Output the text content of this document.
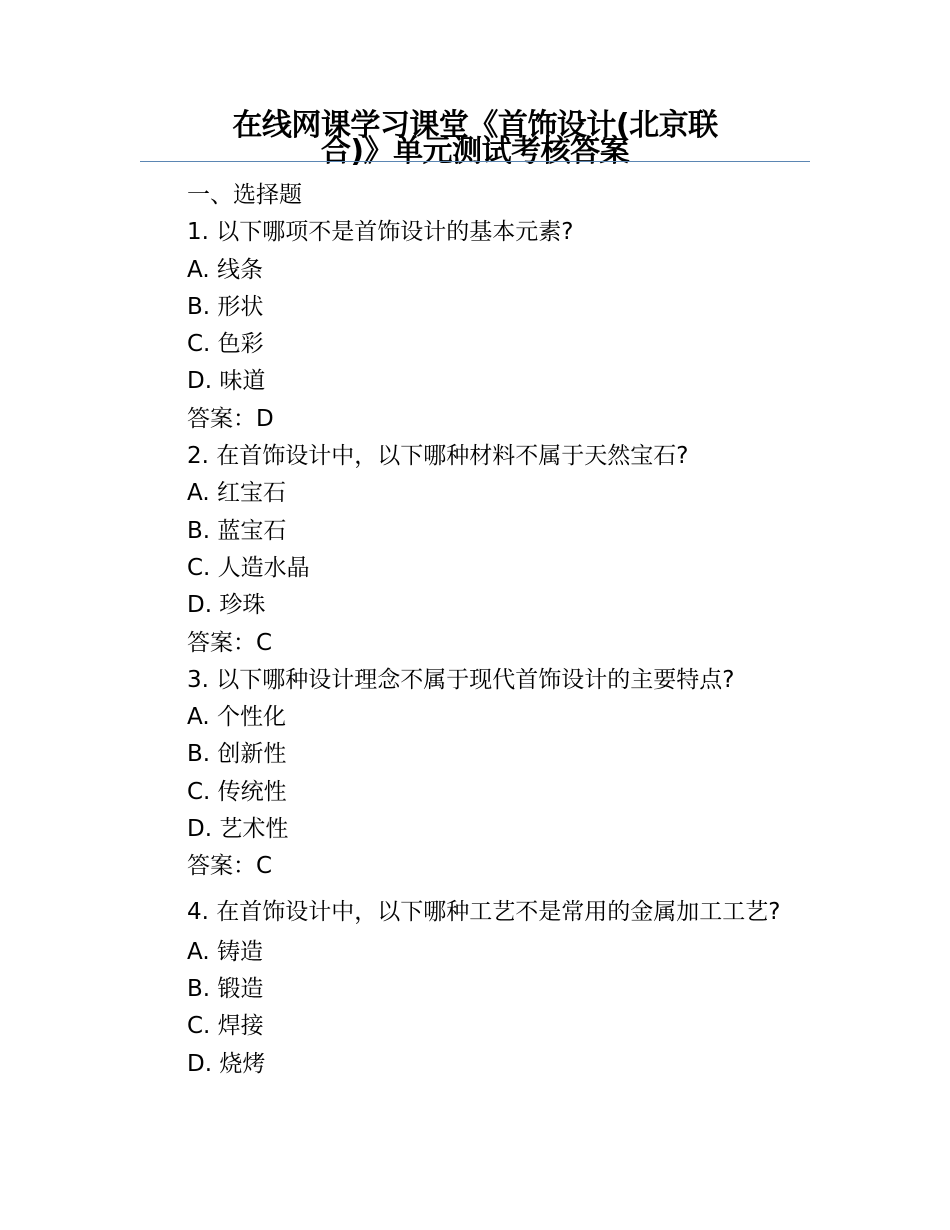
在线网课学习课堂《首饰设计(北京联
合)》单元测试考核答案
一、选择题
1. 以下哪项不是首饰设计的基本元素?
A. 线条
B. 形状
C. 色彩
D. 味道
答案：D
2. 在首饰设计中，以下哪种材料不属于天然宝石?
A. 红宝石
B. 蓝宝石
C. 人造水晶
D. 珍珠
答案：C
3. 以下哪种设计理念不属于现代首饰设计的主要特点?
A. 个性化
B. 创新性
C. 传统性
D. 艺术性
答案：C
4. 在首饰设计中，以下哪种工艺不是常用的金属加工工艺?
A. 铸造
B. 锻造
C. 焊接
D. 烧烤
